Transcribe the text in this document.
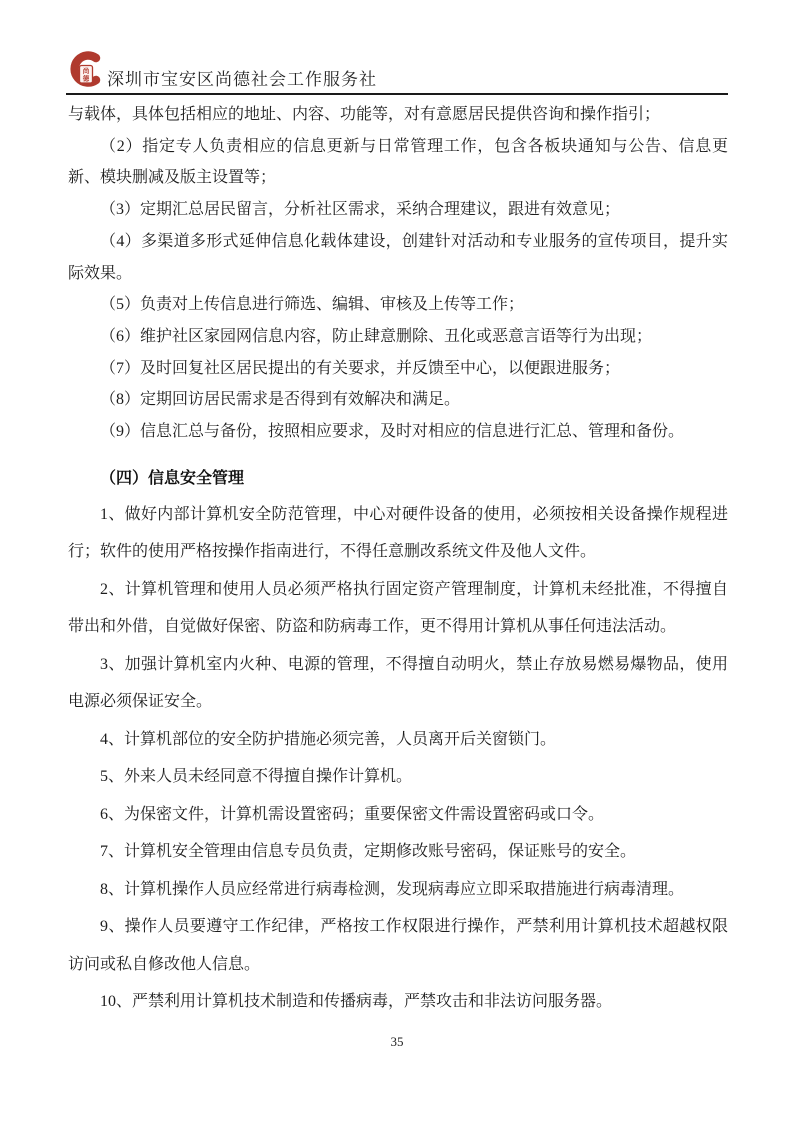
尚
德 深圳市宝安区尚德社会工作服务社

与载体，具体包括相应的地址、内容、功能等，对有意愿居民提供咨询和操作指引；

（2）指定专人负责相应的信息更新与日常管理工作，包含各板块通知与公告、信息更新、模块删减及版主设置等；

（3）定期汇总居民留言，分析社区需求，采纳合理建议，跟进有效意见；

（4）多渠道多形式延伸信息化载体建设，创建针对活动和专业服务的宣传项目，提升实际效果。

（5）负责对上传信息进行筛选、编辑、审核及上传等工作；

（6）维护社区家园网信息内容，防止肆意删除、丑化或恶意言语等行为出现；

（7）及时回复社区居民提出的有关要求，并反馈至中心，以便跟进服务；

（8）定期回访居民需求是否得到有效解决和满足。

（9）信息汇总与备份，按照相应要求，及时对相应的信息进行汇总、管理和备份。

（四）信息安全管理

1、做好内部计算机安全防范管理，中心对硬件设备的使用，必须按相关设备操作规程进行；软件的使用严格按操作指南进行，不得任意删改系统文件及他人文件。

2、计算机管理和使用人员必须严格执行固定资产管理制度，计算机未经批准，不得擅自带出和外借，自觉做好保密、防盗和防病毒工作，更不得用计算机从事任何违法活动。

3、加强计算机室内火种、电源的管理，不得擅自动明火，禁止存放易燃易爆物品，使用电源必须保证安全。

4、计算机部位的安全防护措施必须完善，人员离开后关窗锁门。

5、外来人员未经同意不得擅自操作计算机。

6、为保密文件，计算机需设置密码；重要保密文件需设置密码或口令。

7、计算机安全管理由信息专员负责，定期修改账号密码，保证账号的安全。

8、计算机操作人员应经常进行病毒检测，发现病毒应立即采取措施进行病毒清理。

9、操作人员要遵守工作纪律，严格按工作权限进行操作，严禁利用计算机技术超越权限访问或私自修改他人信息。

10、严禁利用计算机技术制造和传播病毒，严禁攻击和非法访问服务器。

35
